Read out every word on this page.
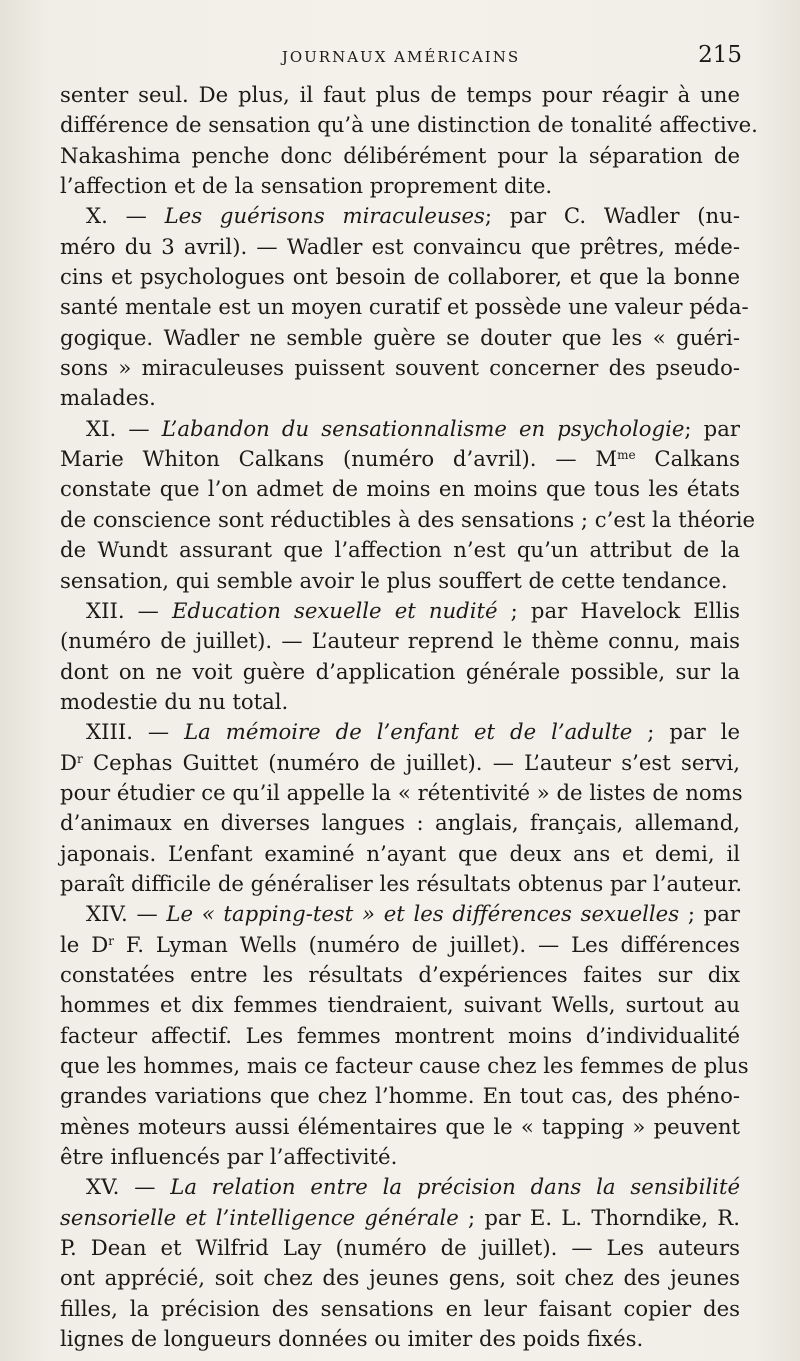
JOURNAUX AMÉRICAINS	215
senter seul. De plus, il faut plus de temps pour réagir à une
différence de sensation qu’à une distinction de tonalité affective.
Nakashima penche donc délibérément pour la séparation de
l’affection et de la sensation proprement dite.
X. — Les guérisons miraculeuses; par C. Wadler (nu-
méro du 3 avril). — Wadler est convaincu que prêtres, méde-
cins et psychologues ont besoin de collaborer, et que la bonne
santé mentale est un moyen curatif et possède une valeur péda-
gogique. Wadler ne semble guère se douter que les « guéri-
sons » miraculeuses puissent souvent concerner des pseudo-
malades.
XI. — L’abandon du sensationnalisme en psychologie; par
Marie Whiton Calkans (numéro d’avril). — $M^{me}$ Calkans
constate que l’on admet de moins en moins que tous les états
de conscience sont réductibles à des sensations ; c’est la théorie
de Wundt assurant que l’affection n’est qu’un attribut de la
sensation, qui semble avoir le plus souffert de cette tendance.
XII. — Education sexuelle et nudité ; par Havelock Ellis
(numéro de juillet). — L’auteur reprend le thème connu, mais
dont on ne voit guère d’application générale possible, sur la
modestie du nu total.
XIII. — La mémoire de l’enfant et de l’adulte ; par le
$D^r$ Cephas Guittet (numéro de juillet). — L’auteur s’est servi,
pour étudier ce qu’il appelle la « rétentivité » de listes de noms
d’animaux en diverses langues : anglais, français, allemand,
japonais. L’enfant examiné n’ayant que deux ans et demi, il
paraît difficile de généraliser les résultats obtenus par l’auteur.
XIV. — Le « tapping-test » et les différences sexuelles ; par
le $D^r$ F. Lyman Wells (numéro de juillet). — Les différences
constatées entre les résultats d’expériences faites sur dix
hommes et dix femmes tiendraient, suivant Wells, surtout au
facteur affectif. Les femmes montrent moins d’individualité
que les hommes, mais ce facteur cause chez les femmes de plus
grandes variations que chez l’homme. En tout cas, des phéno-
mènes moteurs aussi élémentaires que le « tapping » peuvent
être influencés par l’affectivité.
XV. — La relation entre la précision dans la sensibilité
sensorielle et l’intelligence générale ; par E. L. Thorndike, R.
P. Dean et Wilfrid Lay (numéro de juillet). — Les auteurs
ont apprécié, soit chez des jeunes gens, soit chez des jeunes
filles, la précision des sensations en leur faisant copier des
lignes de longueurs données ou imiter des poids fixés.
